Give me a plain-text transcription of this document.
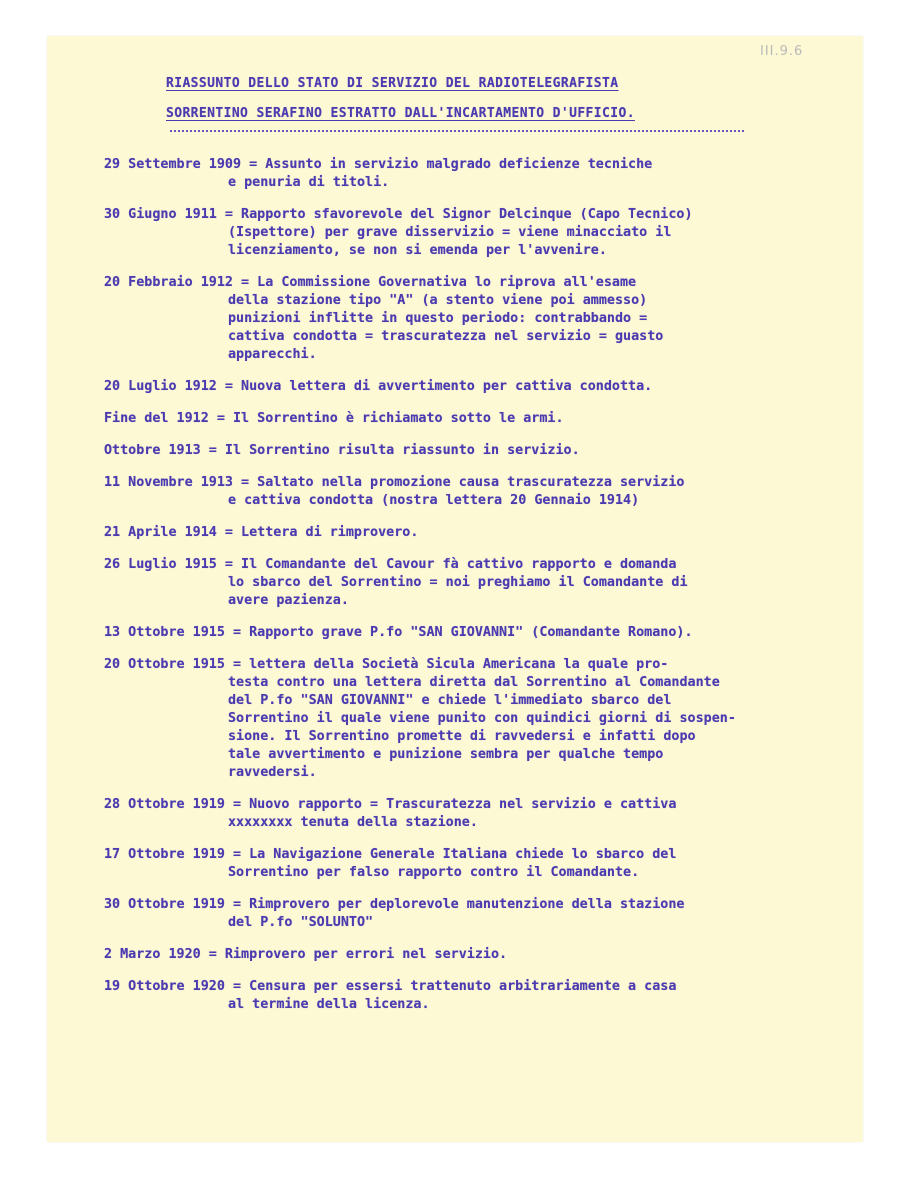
III.9.6
RIASSUNTO DELLO STATO DI SERVIZIO DEL RADIOTELEGRAFISTA
SORRENTINO SERAFINO ESTRATTO DALL'INCARTAMENTO D'UFFICIO.
29 Settembre 1909 = Assunto in servizio malgrado deficienze tecniche
e penuria di titoli.
30 Giugno 1911 = Rapporto sfavorevole del Signor Delcinque (Capo Tecnico)
(Ispettore) per grave disservizio = viene minacciato il
licenziamento, se non si emenda per l'avvenire.
20 Febbraio 1912 = La Commissione Governativa lo riprova all'esame
della stazione tipo "A" (a stento viene poi ammesso)
punizioni inflitte in questo periodo: contrabbando =
cattiva condotta = trascuratezza nel servizio = guasto
apparecchi.
20 Luglio 1912 = Nuova lettera di avvertimento per cattiva condotta.
Fine del 1912 = Il Sorrentino è richiamato sotto le armi.
Ottobre 1913 = Il Sorrentino risulta riassunto in servizio.
11 Novembre 1913 = Saltato nella promozione causa trascuratezza servizio
e cattiva condotta (nostra lettera 20 Gennaio 1914)
21 Aprile 1914 = Lettera di rimprovero.
26 Luglio 1915 = Il Comandante del Cavour fà cattivo rapporto e domanda
lo sbarco del Sorrentino = noi preghiamo il Comandante di
avere pazienza.
13 Ottobre 1915 = Rapporto grave P.fo "SAN GIOVANNI" (Comandante Romano).
20 Ottobre 1915 = lettera della Società Sicula Americana la quale pro-
testa contro una lettera diretta dal Sorrentino al Comandante
del P.fo "SAN GIOVANNI" e chiede l'immediato sbarco del
Sorrentino il quale viene punito con quindici giorni di sospen-
sione. Il Sorrentino promette di ravvedersi e infatti dopo
tale avvertimento e punizione sembra per qualche tempo
ravvedersi.
28 Ottobre 1919 = Nuovo rapporto = Trascuratezza nel servizio e cattiva
xxxxxxxx tenuta della stazione.
17 Ottobre 1919 = La Navigazione Generale Italiana chiede lo sbarco del
Sorrentino per falso rapporto contro il Comandante.
30 Ottobre 1919 = Rimprovero per deplorevole manutenzione della stazione
del P.fo "SOLUNTO"
2 Marzo 1920 = Rimprovero per errori nel servizio.
19 Ottobre 1920 = Censura per essersi trattenuto arbitrariamente a casa
al termine della licenza.
